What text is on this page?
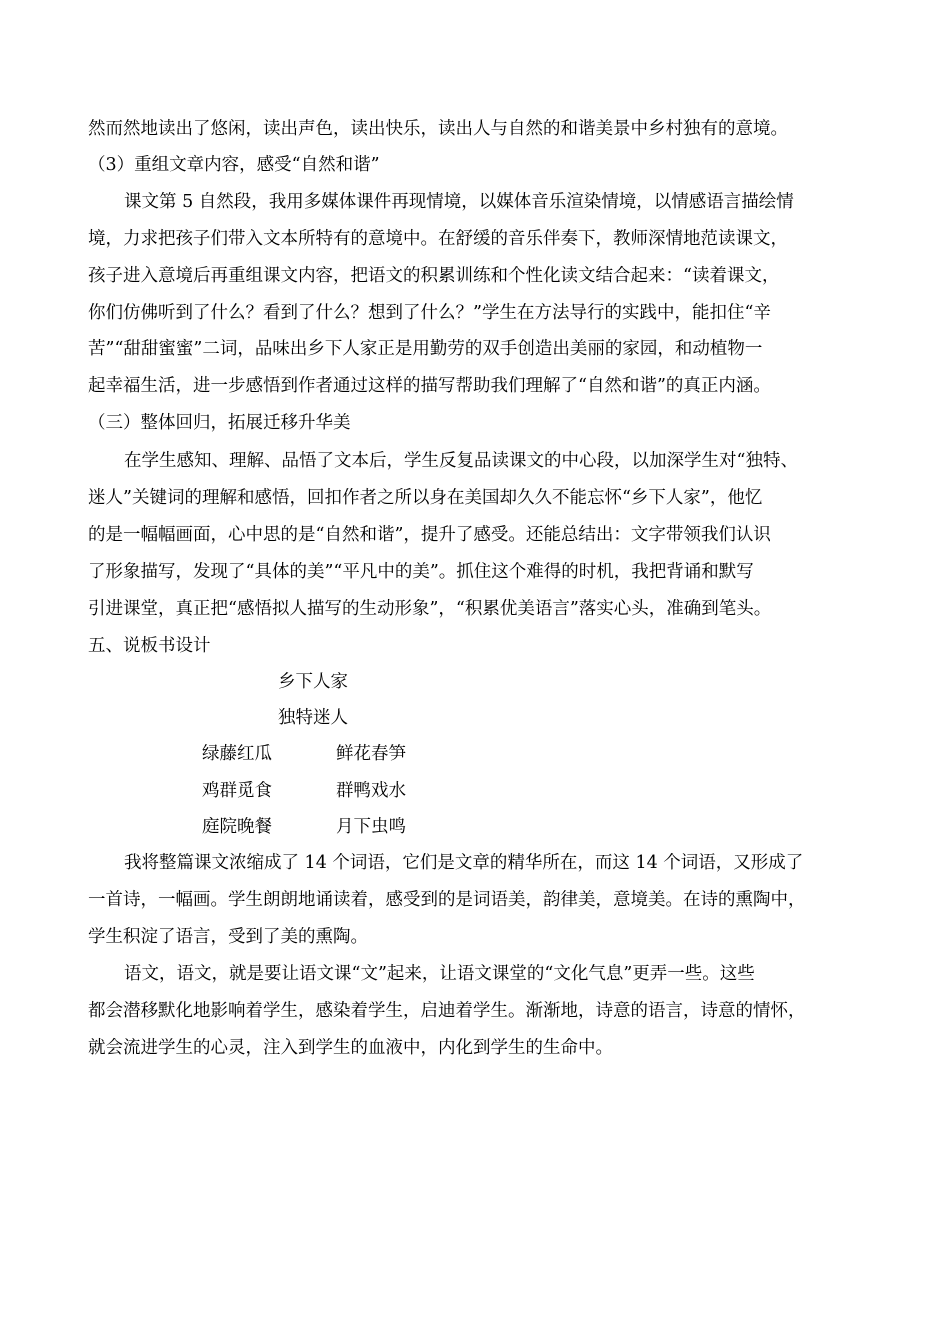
然而然地读出了悠闲，读出声色，读出快乐，读出人与自然的和谐美景中乡村独有的意境。
（3）重组文章内容，感受“自然和谐”
课文第 5 自然段，我用多媒体课件再现情境，以媒体音乐渲染情境，以情感语言描绘情
境，力求把孩子们带入文本所特有的意境中。在舒缓的音乐伴奏下，教师深情地范读课文，
孩子进入意境后再重组课文内容，把语文的积累训练和个性化读文结合起来：“读着课文，
你们仿佛听到了什么？看到了什么？想到了什么？”学生在方法导行的实践中，能扣住“辛
苦”“甜甜蜜蜜”二词，品味出乡下人家正是用勤劳的双手创造出美丽的家园，和动植物一
起幸福生活，进一步感悟到作者通过这样的描写帮助我们理解了“自然和谐”的真正内涵。
（三）整体回归，拓展迁移升华美
在学生感知、理解、品悟了文本后，学生反复品读课文的中心段，以加深学生对“独特、
迷人”关键词的理解和感悟，回扣作者之所以身在美国却久久不能忘怀“乡下人家”，他忆
的是一幅幅画面，心中思的是“自然和谐”，提升了感受。还能总结出：文字带领我们认识
了形象描写，发现了“具体的美”“平凡中的美”。抓住这个难得的时机，我把背诵和默写
引进课堂，真正把“感悟拟人描写的生动形象”，“积累优美语言”落实心头，准确到笔头。
五、说板书设计
乡下人家
独特迷人
绿藤红瓜	鲜花春笋
鸡群觅食	群鸭戏水
庭院晚餐	月下虫鸣
我将整篇课文浓缩成了 14 个词语，它们是文章的精华所在，而这 14 个词语，又形成了
一首诗，一幅画。学生朗朗地诵读着，感受到的是词语美，韵律美，意境美。在诗的熏陶中，
学生积淀了语言，受到了美的熏陶。
语文，语文，就是要让语文课“文”起来，让语文课堂的“文化气息”更弄一些。这些
都会潜移默化地影响着学生，感染着学生，启迪着学生。渐渐地，诗意的语言，诗意的情怀，
就会流进学生的心灵，注入到学生的血液中，内化到学生的生命中。
